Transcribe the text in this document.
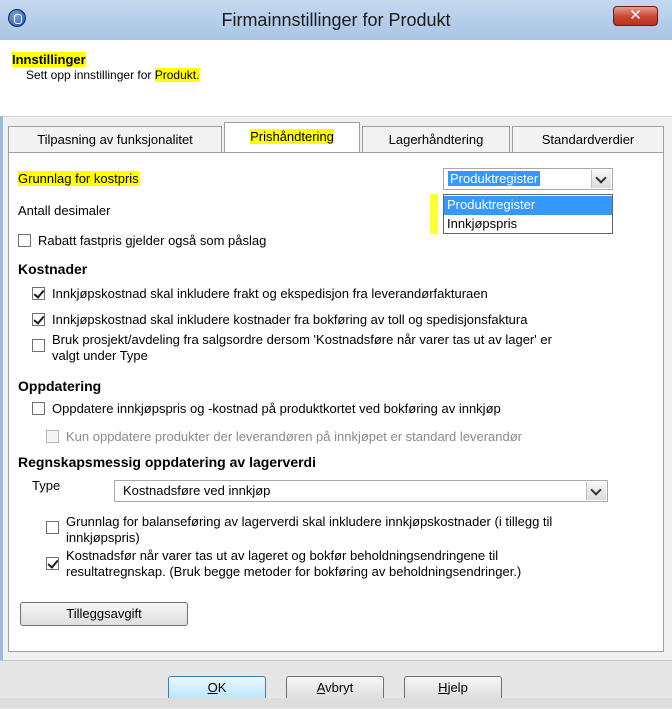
Firmainnstillinger for Produkt	✕
Innstillinger
Sett opp innstillinger for Produkt.
Tilpasning av funksjonalitet	Prishåndtering	Lagerhåndtering	Standardverdier
Grunnlag for kostpris	Produktregister
Produktregister
Innkjøpspris
Antall desimaler
Rabatt fastpris gjelder også som påslag
Kostnader
Innkjøpskostnad skal inkludere frakt og ekspedisjon fra leverandørfakturaen
Innkjøpskostnad skal inkludere kostnader fra bokføring av toll og spedisjonsfaktura
Bruk prosjekt/avdeling fra salgsordre dersom 'Kostnadsføre når varer tas ut av lager' er
valgt under Type
Oppdatering
Oppdatere innkjøpspris og -kostnad på produktkortet ved bokføring av innkjøp
Kun oppdatere produkter der leverandøren på innkjøpet er standard leverandør
Regnskapsmessig oppdatering av lagerverdi
Type	Kostnadsføre ved innkjøp
Grunnlag for balanseføring av lagerverdi skal inkludere innkjøpskostnader (i tillegg til
innkjøpspris)
Kostnadsfør når varer tas ut av lageret og bokfør beholdningsendringene til
resultatregnskap. (Bruk begge metoder for bokføring av beholdningsendringer.)
Tilleggsavgift
OK	Avbryt	Hjelp
